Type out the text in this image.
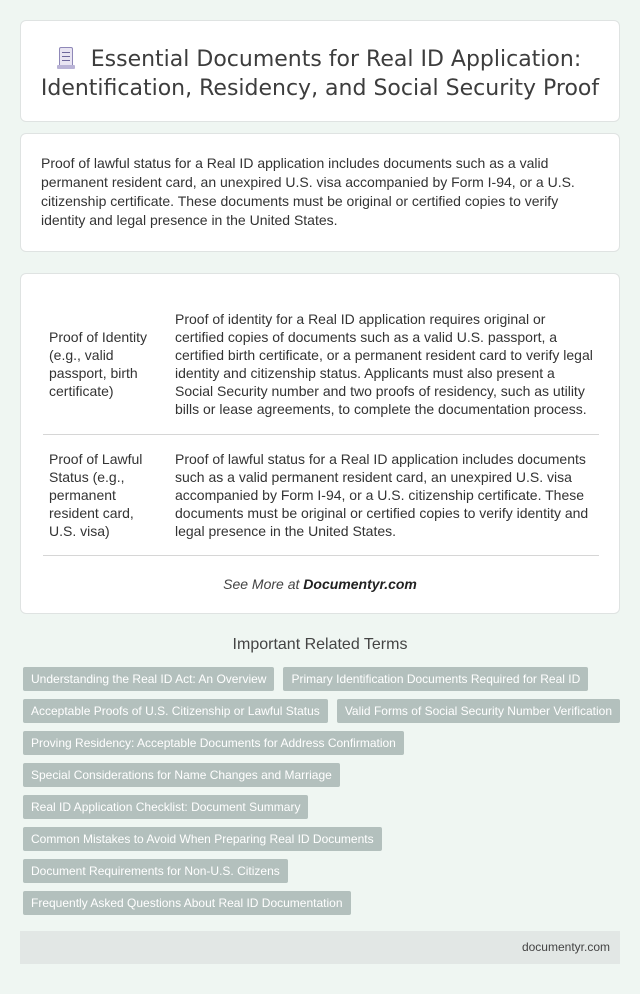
Essential Documents for Real ID Application:
Identification, Residency, and Social Security Proof

Proof of lawful status for a Real ID application includes documents such as a valid permanent resident card, an unexpired U.S. visa accompanied by Form I-94, or a U.S. citizenship certificate. These documents must be original or certified copies to verify identity and legal presence in the United States.

Proof of Identity (e.g., valid passport, birth certificate)	Proof of identity for a Real ID application requires original or certified copies of documents such as a valid U.S. passport, a certified birth certificate, or a permanent resident card to verify legal identity and citizenship status. Applicants must also present a Social Security number and two proofs of residency, such as utility bills or lease agreements, to complete the documentation process.
Proof of Lawful Status (e.g., permanent resident card, U.S. visa)	Proof of lawful status for a Real ID application includes documents such as a valid permanent resident card, an unexpired U.S. visa accompanied by Form I-94, or a U.S. citizenship certificate. These documents must be original or certified copies to verify identity and legal presence in the United States.
See More at Documentyr.com
Important Related Terms
Understanding the Real ID Act: An Overview	Primary Identification Documents Required for Real ID
Acceptable Proofs of U.S. Citizenship or Lawful Status	Valid Forms of Social Security Number Verification
Proving Residency: Acceptable Documents for Address Confirmation
Special Considerations for Name Changes and Marriage
Real ID Application Checklist: Document Summary
Common Mistakes to Avoid When Preparing Real ID Documents
Document Requirements for Non-U.S. Citizens
Frequently Asked Questions About Real ID Documentation
documentyr.com
